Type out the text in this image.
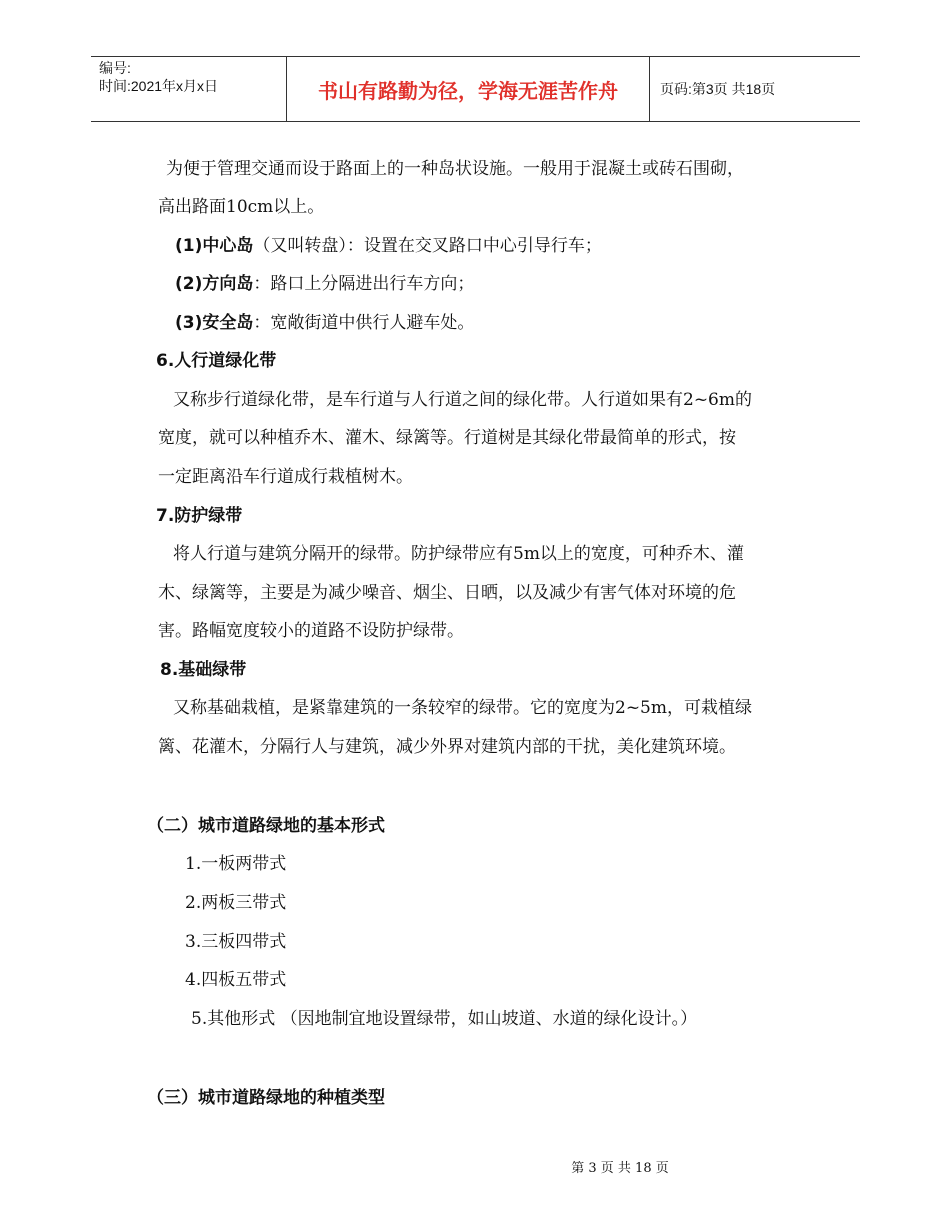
编号:
时间:2021年x月x日	书山有路勤为径，学海无涯苦作舟	页码:第3页 共18页
为便于管理交通而设于路面上的一种岛状设施。一般用于混凝土或砖石围砌，
高出路面10cm以上。
(1)中心岛（又叫转盘）：设置在交叉路口中心引导行车；
(2)方向岛：路口上分隔进出行车方向；
(3)安全岛：宽敞街道中供行人避车处。
6.人行道绿化带
又称步行道绿化带，是车行道与人行道之间的绿化带。人行道如果有2~6m的
宽度，就可以种植乔木、灌木、绿篱等。行道树是其绿化带最简单的形式，按
一定距离沿车行道成行栽植树木。
7.防护绿带
将人行道与建筑分隔开的绿带。防护绿带应有5m以上的宽度，可种乔木、灌
木、绿篱等，主要是为减少噪音、烟尘、日晒，以及减少有害气体对环境的危
害。路幅宽度较小的道路不设防护绿带。
8.基础绿带
又称基础栽植，是紧靠建筑的一条较窄的绿带。它的宽度为2~5m，可栽植绿
篱、花灌木，分隔行人与建筑，减少外界对建筑内部的干扰，美化建筑环境。
（二）城市道路绿地的基本形式
1.一板两带式
2.两板三带式
3.三板四带式
4.四板五带式
5.其他形式 （因地制宜地设置绿带，如山坡道、水道的绿化设计。）
（三）城市道路绿地的种植类型
第 3 页 共 18 页
